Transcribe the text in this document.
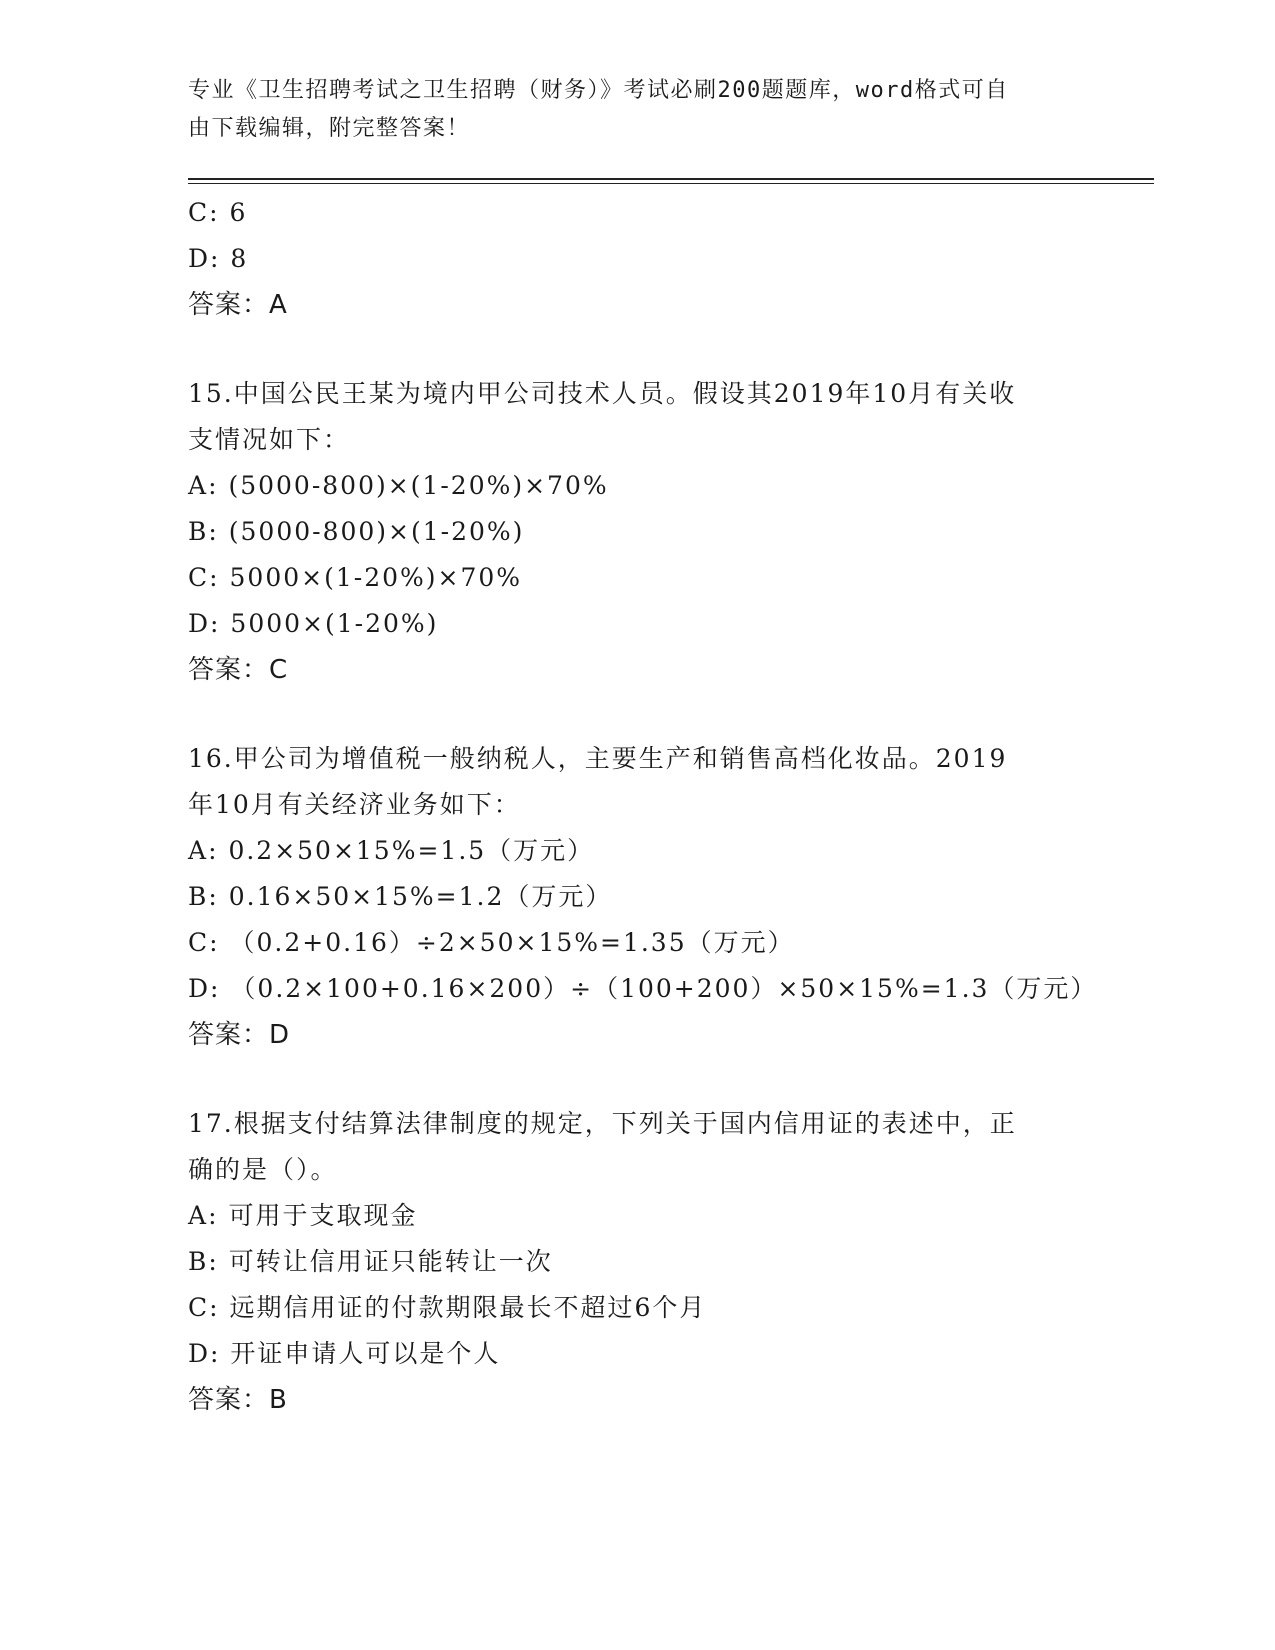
专业《卫生招聘考试之卫生招聘（财务）》考试必刷200题题库，word格式可自
由下载编辑，附完整答案！
C: 6
D: 8
答案：A
15.中国公民王某为境内甲公司技术人员。假设其2019年10月有关收
支情况如下：
A: (5000-800)×(1-20%)×70%
B: (5000-800)×(1-20%)
C: 5000×(1-20%)×70%
D: 5000×(1-20%)
答案：C
16.甲公司为增值税一般纳税人，主要生产和销售高档化妆品。2019
年10月有关经济业务如下：
A: 0.2×50×15%=1.5（万元）
B: 0.16×50×15%=1.2（万元）
C: （0.2+0.16）÷2×50×15%=1.35（万元）
D: （0.2×100+0.16×200）÷（100+200）×50×15%=1.3（万元）
答案：D
17.根据支付结算法律制度的规定，下列关于国内信用证的表述中，正
确的是（）。
A: 可用于支取现金
B: 可转让信用证只能转让一次
C: 远期信用证的付款期限最长不超过6个月
D: 开证申请人可以是个人
答案：B
